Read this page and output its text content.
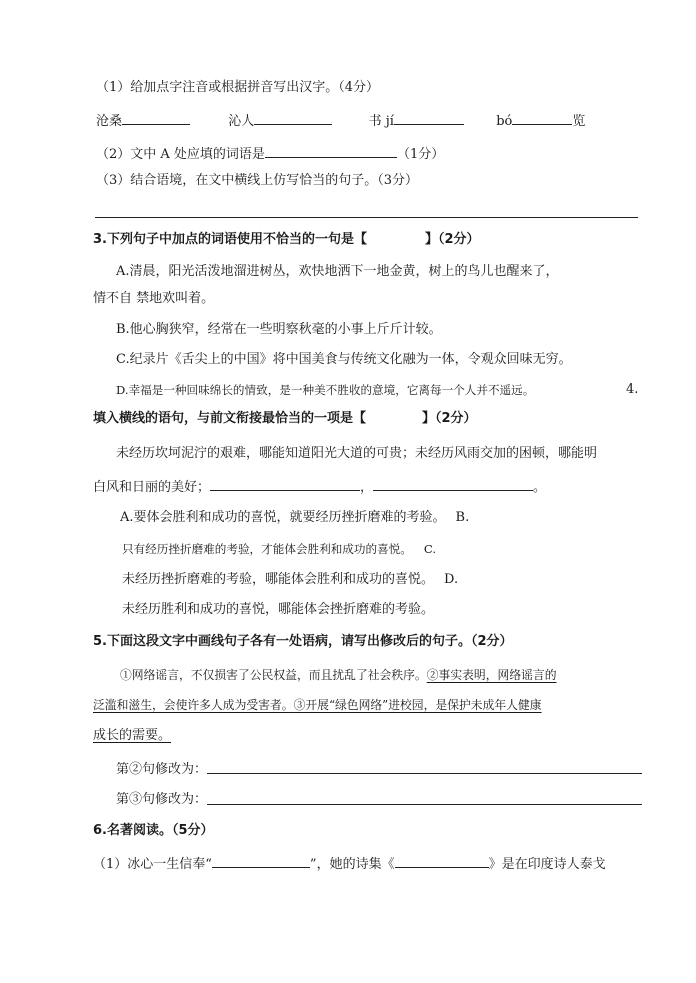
（1）给加点字注音或根据拼音写出汉字。（4分）
沧桑	沁人	书 jí	bó	览
（2）文中 A 处应填的词语是	（1分）
（3）结合语境，在文中横线上仿写恰当的句子。（3分）
3.下列句子中加点的词语使用不恰当的一句是【	】（2分）
A.清晨，阳光活泼地溜进树丛，欢快地洒下一地金黄，树上的鸟儿也醒来了，
情不自 禁地欢叫着。
B.他心胸狭窄，经常在一些明察秋毫的小事上斤斤计较。
C.纪录片《舌尖上的中国》将中国美食与传统文化融为一体，令观众回味无穷。
D.幸福是一种回味绵长的情致，是一种美不胜收的意境，它离每一个人并不遥远。	4.
填入横线的语句，与前文衔接最恰当的一项是【	】（2分）
未经历坎坷泥泞的艰难，哪能知道阳光大道的可贵；未经历风雨交加的困顿，哪能明
白风和日丽的美好；	，	。
A.要体会胜利和成功的喜悦，就要经历挫折磨难的考验。 B.
只有经历挫折磨难的考验，才能体会胜利和成功的喜悦。 C.
未经历挫折磨难的考验，哪能体会胜利和成功的喜悦。 D.
未经历胜利和成功的喜悦，哪能体会挫折磨难的考验。
5.下面这段文字中画线句子各有一处语病，请写出修改后的句子。（2分）
①网络谣言，不仅损害了公民权益，而且扰乱了社会秩序。②事实表明，网络谣言的
泛滥和滋生，会使许多人成为受害者。③开展“绿色网络”进校园，是保护未成年人健康
成长的需要。
第②句修改为：
第③句修改为：
6.名著阅读。（5分）
（1）冰心一生信奉“	”，她的诗集《	》是在印度诗人泰戈
